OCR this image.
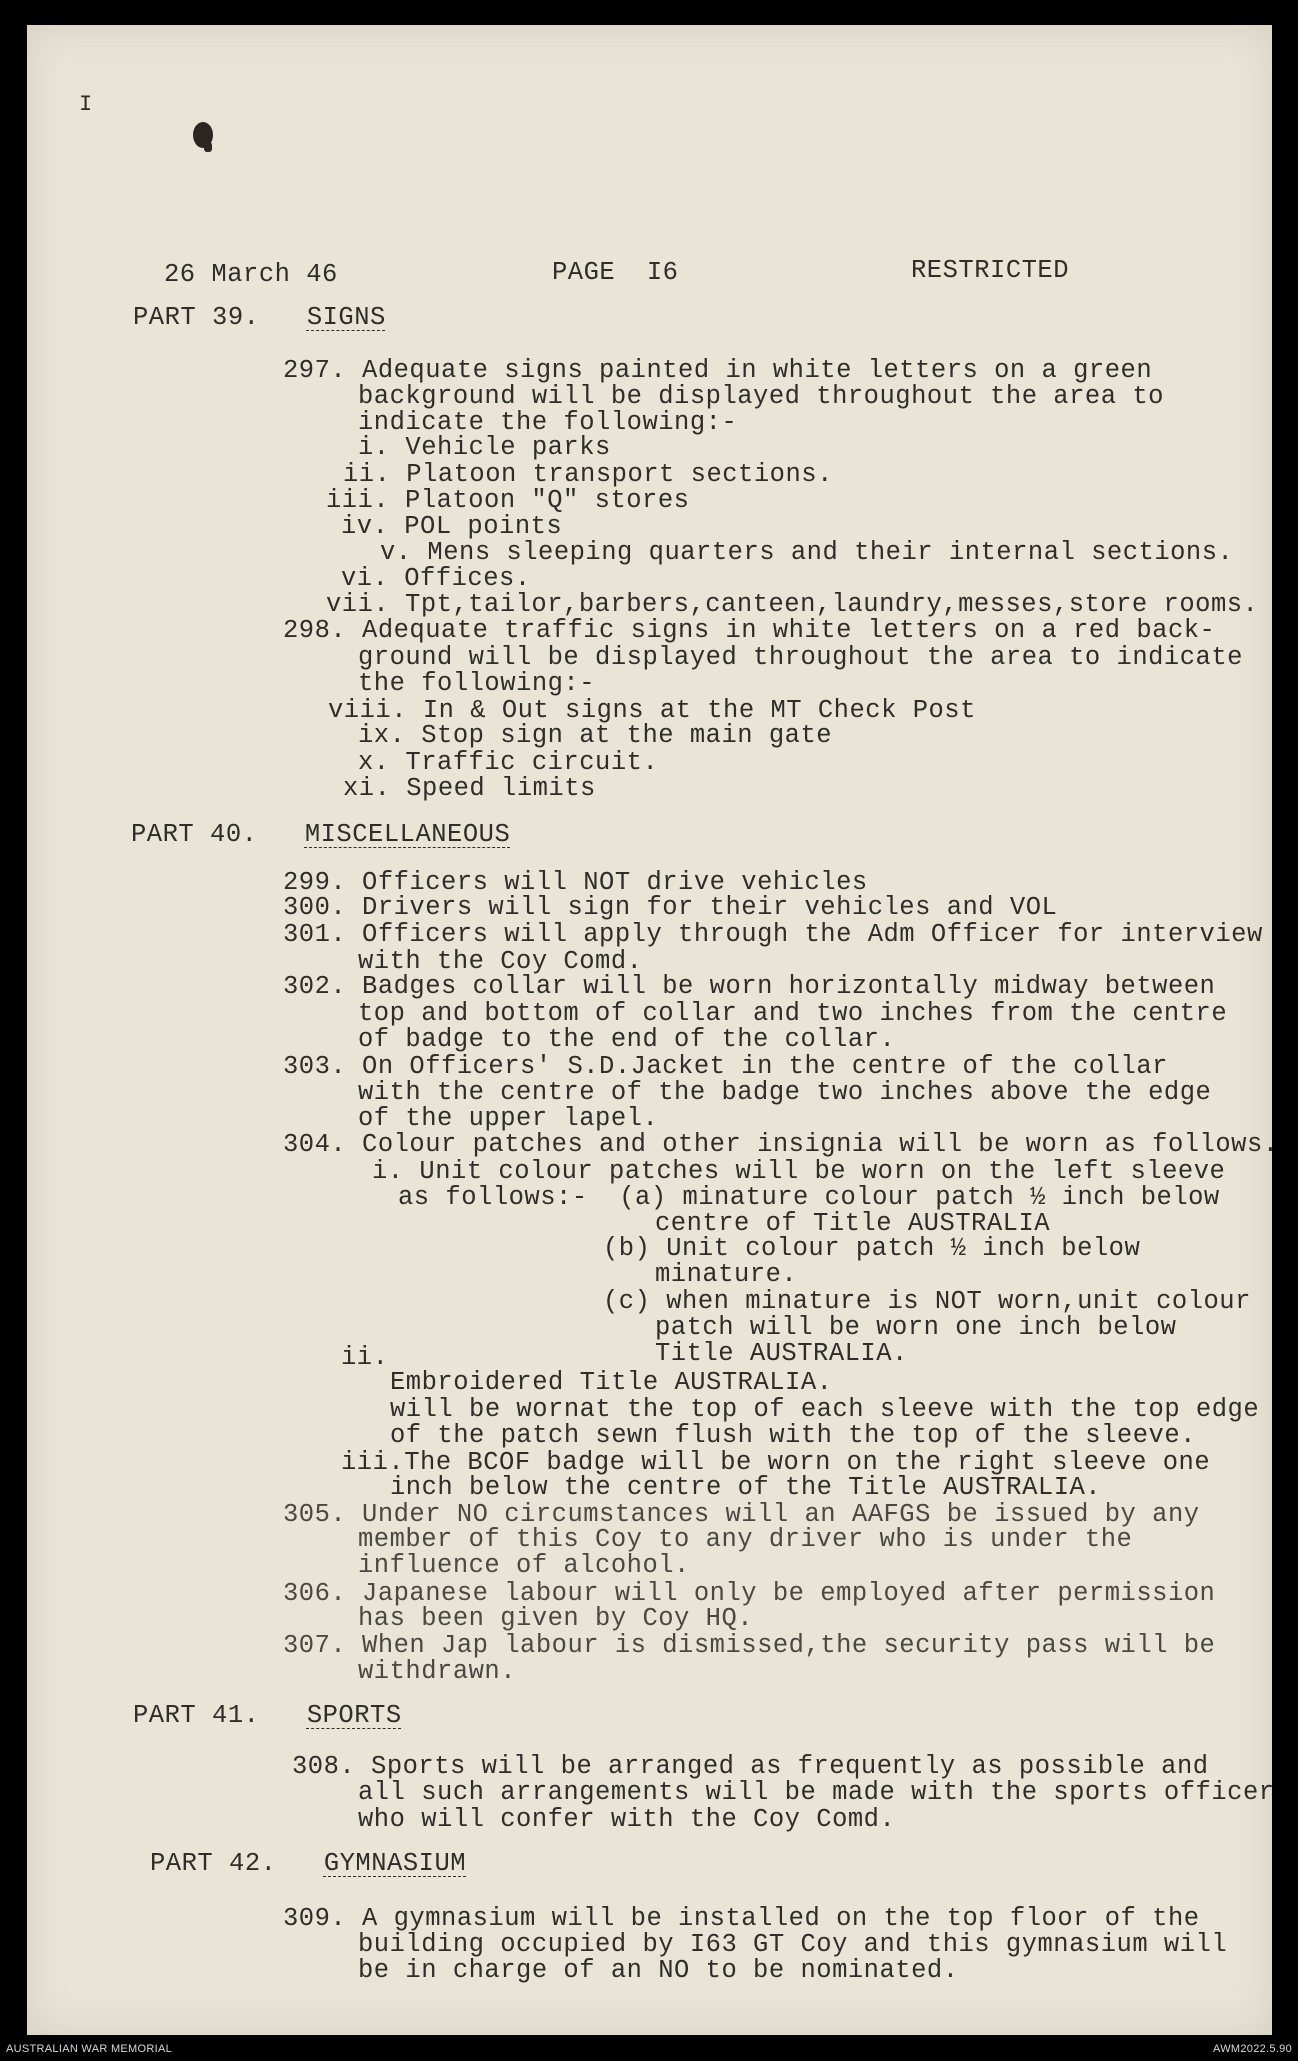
I
26 March 46	PAGE  I6	RESTRICTED
PART 39.   SIGNS
297. Adequate signs painted in white letters on a green
background will be displayed throughout the area to
indicate the following:-
i. Vehicle parks
ii. Platoon transport sections.
iii. Platoon "Q" stores
iv. POL points
v. Mens sleeping quarters and their internal sections.
vi. Offices.
vii. Tpt,tailor,barbers,canteen,laundry,messes,store rooms.
298. Adequate traffic signs in white letters on a red back-
ground will be displayed throughout the area to indicate
the following:-
viii. In & Out signs at the MT Check Post
ix. Stop sign at the main gate
x. Traffic circuit.
xi. Speed limits
PART 40.   MISCELLANEOUS
299. Officers will NOT drive vehicles
300. Drivers will sign for their vehicles and VOL
301. Officers will apply through the Adm Officer for interview
with the Coy Comd.
302. Badges collar will be worn horizontally midway between
top and bottom of collar and two inches from the centre
of badge to the end of the collar.
303. On Officers' S.D.Jacket in the centre of the collar
with the centre of the badge two inches above the edge
of the upper lapel.
304. Colour patches and other insignia will be worn as follows.
i. Unit colour patches will be worn on the left sleeve
as follows:-  (a) minature colour patch ½ inch below
centre of Title AUSTRALIA
(b) Unit colour patch ½ inch below
minature.
(c) when minature is NOT worn,unit colour
patch will be worn one inch below
Title AUSTRALIA.
ii.
Embroidered Title AUSTRALIA.
will be wornat the top of each sleeve with the top edge
of the patch sewn flush with the top of the sleeve.
iii.The BCOF badge will be worn on the right sleeve one
inch below the centre of the Title AUSTRALIA.
305. Under NO circumstances will an AAFGS be issued by any
member of this Coy to any driver who is under the
influence of alcohol.
306. Japanese labour will only be employed after permission
has been given by Coy HQ.
307. When Jap labour is dismissed,the security pass will be
withdrawn.
PART 41.   SPORTS
308. Sports will be arranged as frequently as possible and
all such arrangements will be made with the sports officer
who will confer with the Coy Comd.
PART 42.   GYMNASIUM
309. A gymnasium will be installed on the top floor of the
building occupied by I63 GT Coy and this gymnasium will
be in charge of an NO to be nominated.
AUSTRALIAN WAR MEMORIAL	AWM2022.5.90
